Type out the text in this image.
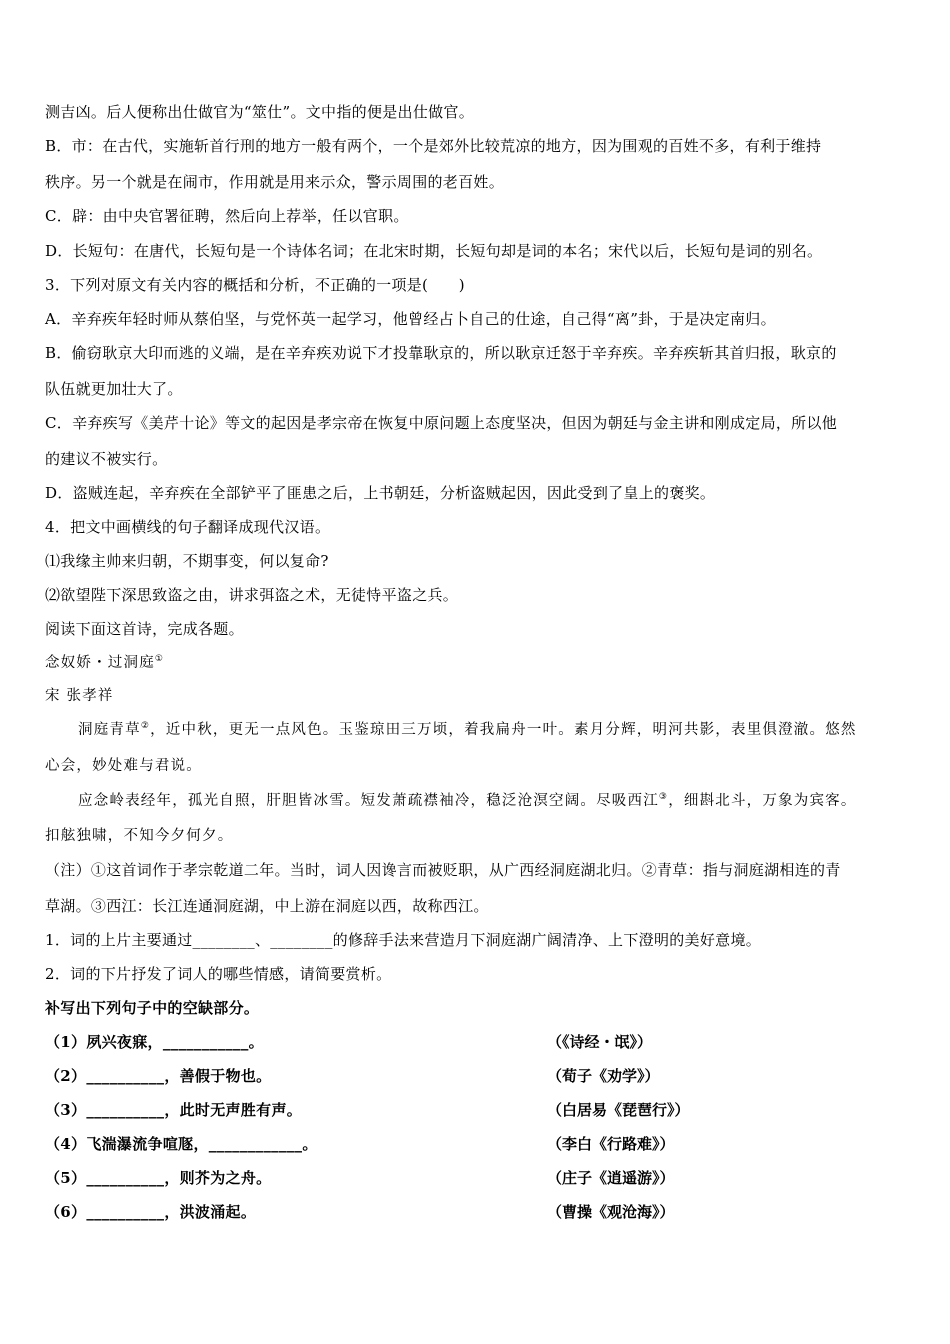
测吉凶。后人便称出仕做官为“筮仕”。文中指的便是出仕做官。
B．市：在古代，实施斩首行刑的地方一般有两个，一个是郊外比较荒凉的地方，因为围观的百姓不多，有利于维持
秩序。另一个就是在闹市，作用就是用来示众，警示周围的老百姓。
C．辟：由中央官署征聘，然后向上荐举，任以官职。
D．长短句：在唐代，长短句是一个诗体名词；在北宋时期，长短句却是词的本名；宋代以后，长短句是词的别名。
3．下列对原文有关内容的概括和分析，不正确的一项是(　　)
A．辛弃疾年轻时师从蔡伯坚，与党怀英一起学习，他曾经占卜自己的仕途，自己得“离”卦，于是决定南归。
B．偷窃耿京大印而逃的义端，是在辛弃疾劝说下才投靠耿京的，所以耿京迁怒于辛弃疾。辛弃疾斩其首归报，耿京的
队伍就更加壮大了。
C．辛弃疾写《美芹十论》等文的起因是孝宗帝在恢复中原问题上态度坚决，但因为朝廷与金主讲和刚成定局，所以他
的建议不被实行。
D．盗贼连起，辛弃疾在全部铲平了匪患之后，上书朝廷，分析盗贼起因，因此受到了皇上的褒奖。
4．把文中画横线的句子翻译成现代汉语。
⑴我缘主帅来归朝，不期事变，何以复命?
⑵欲望陛下深思致盗之由，讲求弭盗之术，无徒恃平盗之兵。
阅读下面这首诗，完成各题。
念奴娇・过洞庭①
宋 张孝祥
洞庭青草②，近中秋，更无一点风色。玉鉴琼田三万顷，着我扁舟一叶。素月分辉，明河共影，表里俱澄澈。悠然
心会，妙处难与君说。
应念岭表经年，孤光自照，肝胆皆冰雪。短发萧疏襟袖冷，稳泛沧溟空阔。尽吸西江③，细斟北斗，万象为宾客。
扣舷独啸，不知今夕何夕。
（注）①这首词作于孝宗乾道二年。当时，词人因谗言而被贬职，从广西经洞庭湖北归。②青草：指与洞庭湖相连的青
草湖。③西江：长江连通洞庭湖，中上游在洞庭以西，故称西江。
1．词的上片主要通过________、________的修辞手法来营造月下洞庭湖广阔清净、上下澄明的美好意境。
2．词的下片抒发了词人的哪些情感，请简要赏析。
补写出下列句子中的空缺部分。
（1）夙兴夜寐，___________。	（《诗经・氓》）
（2）__________，善假于物也。	（荀子《劝学》）
（3）__________，此时无声胜有声。	（白居易《琵琶行》）
（4）飞湍瀑流争喧豗，____________。	（李白《行路难》）
（5）__________，则芥为之舟。	（庄子《逍遥游》）
（6）__________，洪波涌起。	（曹操《观沧海》）
